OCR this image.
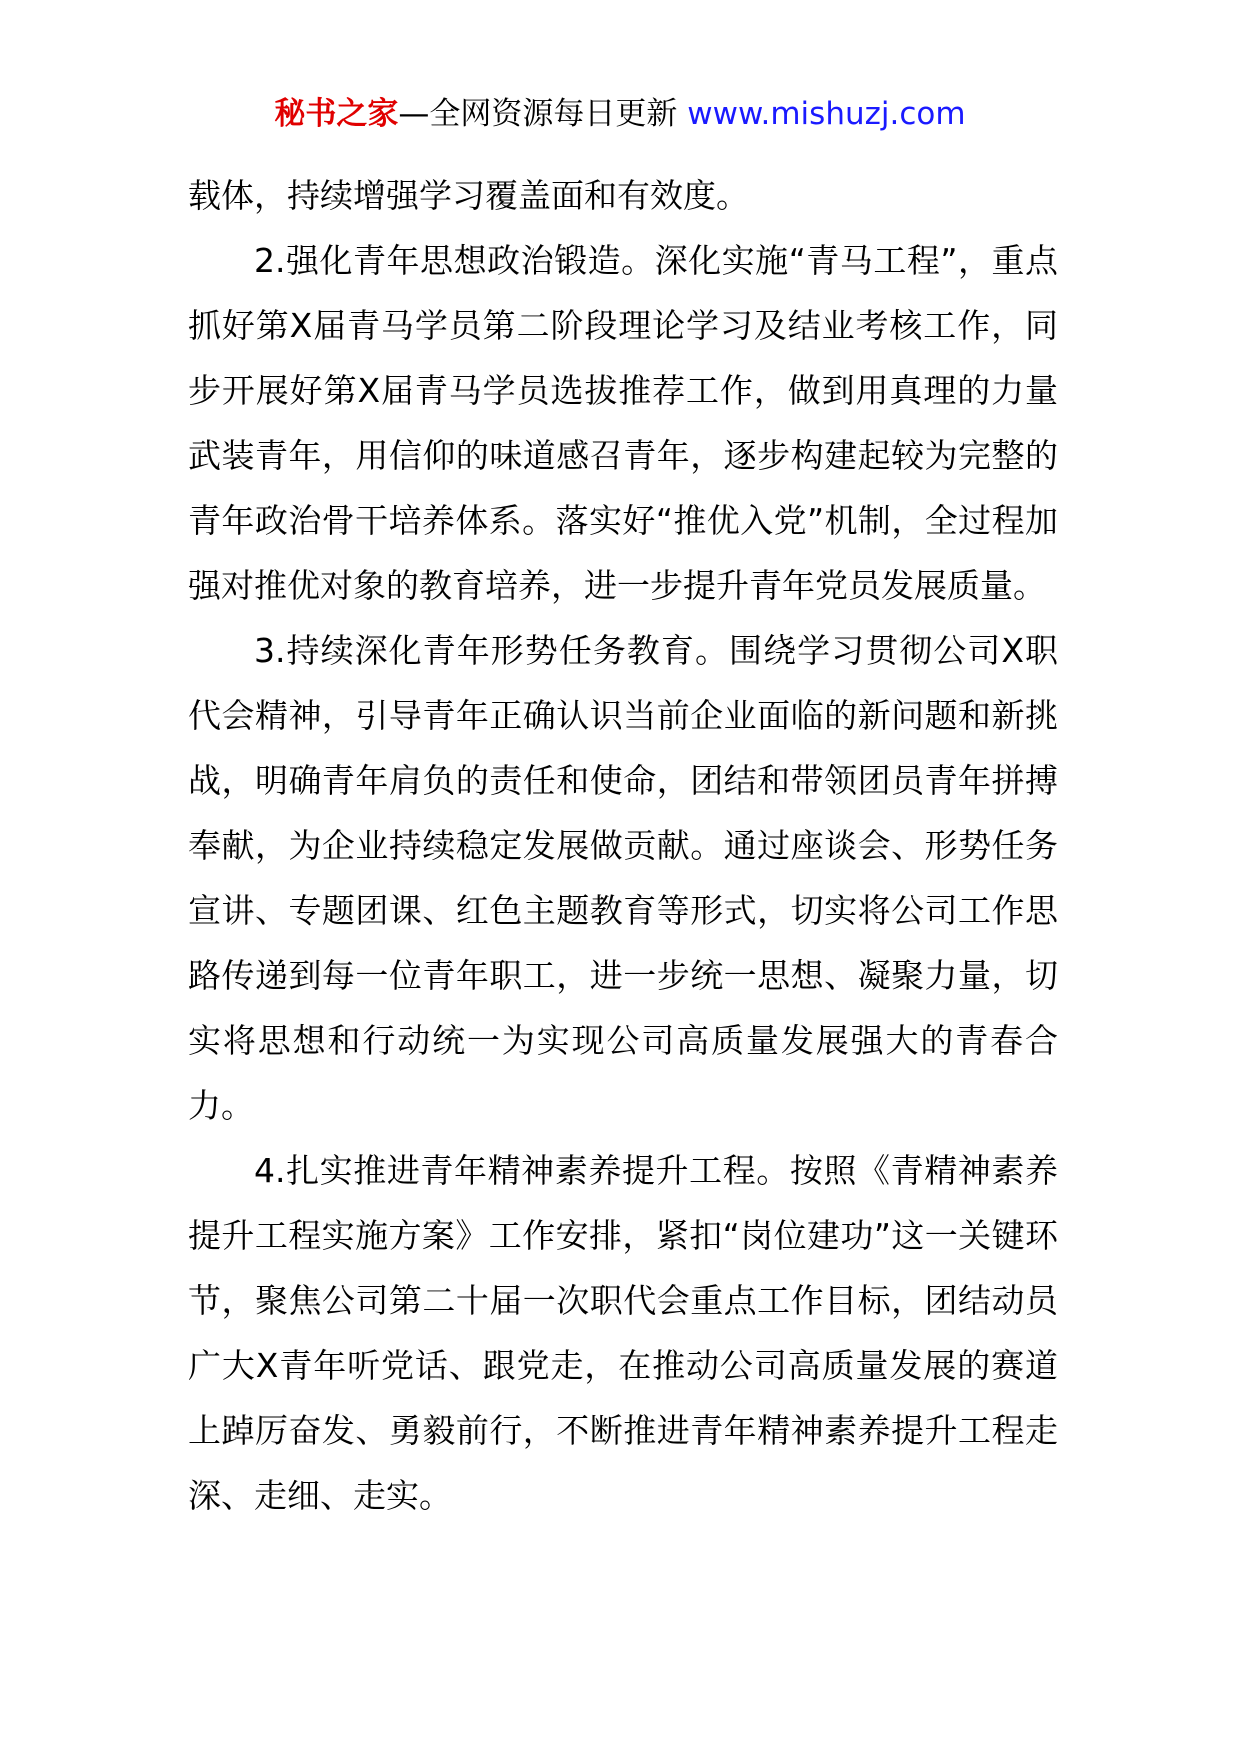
秘书之家—全网资源每日更新 www.mishuzj.com

载体，持续增强学习覆盖面和有效度。

2.强化青年思想政治锻造。深化实施“青马工程”，重点抓好第X届青马学员第二阶段理论学习及结业考核工作，同步开展好第X届青马学员选拔推荐工作，做到用真理的力量武装青年，用信仰的味道感召青年，逐步构建起较为完整的青年政治骨干培养体系。落实好“推优入党”机制，全过程加强对推优对象的教育培养，进一步提升青年党员发展质量。

3.持续深化青年形势任务教育。围绕学习贯彻公司X职代会精神，引导青年正确认识当前企业面临的新问题和新挑战，明确青年肩负的责任和使命，团结和带领团员青年拼搏奉献，为企业持续稳定发展做贡献。通过座谈会、形势任务宣讲、专题团课、红色主题教育等形式，切实将公司工作思路传递到每一位青年职工，进一步统一思想、凝聚力量，切实将思想和行动统一为实现公司高质量发展强大的青春合力。

4.扎实推进青年精神素养提升工程。按照《青精神素养提升工程实施方案》工作安排，紧扣“岗位建功”这一关键环节，聚焦公司第二十届一次职代会重点工作目标，团结动员广大X青年听党话、跟党走，在推动公司高质量发展的赛道上踔厉奋发、勇毅前行，不断推进青年精神素养提升工程走深、走细、走实。
